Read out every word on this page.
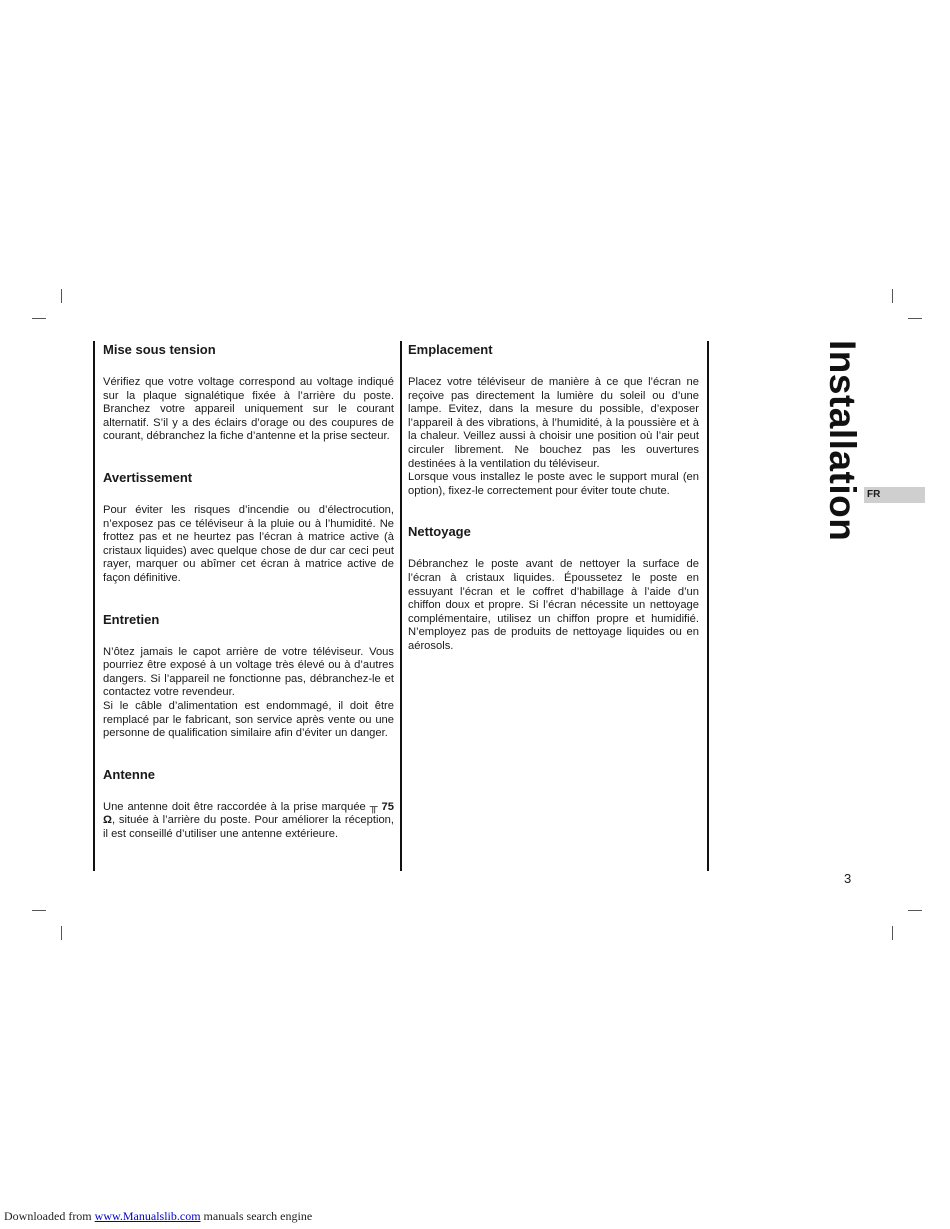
Mise sous tension

Vérifiez que votre voltage correspond au voltage indiqué sur la plaque signalétique fixée à l’arrière du poste. Branchez votre appareil uniquement sur le courant alternatif. S’il y a des éclairs d’orage ou des coupures de courant, débranchez la fiche d’antenne et la prise secteur.

Avertissement

Pour éviter les risques d’incendie ou d’électrocution, n’exposez pas ce téléviseur à la pluie ou à l’humidité. Ne frottez pas et ne heurtez pas l’écran à matrice active (à cristaux liquides) avec quelque chose de dur car ceci peut rayer, marquer ou abîmer cet écran à matrice active de façon définitive.

Entretien

N’ôtez jamais le capot arrière de votre téléviseur. Vous pourriez être exposé à un voltage très élevé ou à d’autres dangers. Si l’appareil ne fonctionne pas, débranchez-le et contactez votre revendeur.

Si le câble d’alimentation est endommagé, il doit être remplacé par le fabricant, son service après vente ou une personne de qualification similaire afin d’éviter un danger.

Antenne

Une antenne doit être raccordée à la prise marquée ╥ 75 Ω, située à l’arrière du poste. Pour améliorer la réception, il est conseillé d’utiliser une antenne extérieure.

Emplacement

Placez votre téléviseur de manière à ce que l’écran ne reçoive pas directement la lumière du soleil ou d’une lampe. Evitez, dans la mesure du possible, d’exposer l’appareil à des vibrations, à l’humidité, à la poussière et à la chaleur. Veillez aussi à choisir une position où l’air peut circuler librement. Ne bouchez pas les ouvertures destinées à la ventilation du téléviseur.

Lorsque vous installez le poste avec le support mural (en option), fixez-le correctement pour éviter toute chute.

Nettoyage

Débranchez le poste avant de nettoyer la surface de l’écran à cristaux liquides. Époussetez le poste en essuyant l’écran et le coffret d’habillage à l’aide d’un chiffon doux et propre. Si l’écran nécessite un nettoyage complémentaire, utilisez un chiffon propre et humidifié. N’employez pas de produits de nettoyage liquides ou en aérosols.

Installation FR
3
Downloaded from www.Manualslib.com manuals search engine
